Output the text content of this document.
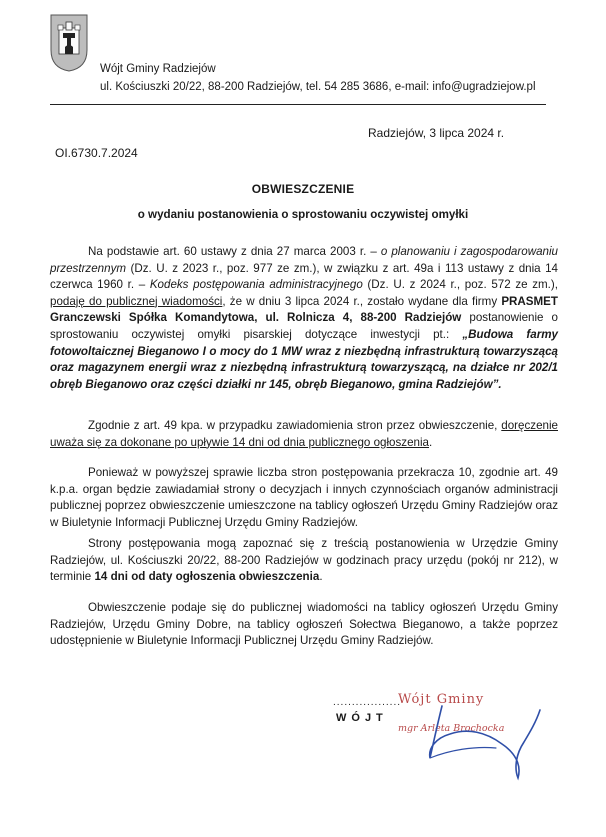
Wójt Gminy Radziejów
ul. Kościuszki 20/22, 88-200 Radziejów, tel. 54 285 3686, e-mail: info@ugradziejow.pl
Radziejów, 3 lipca 2024 r.
OI.6730.7.2024
OBWIESZCZENIE
o wydaniu postanowienia o sprostowaniu oczywistej omyłki

Na podstawie art. 60 ustawy z dnia 27 marca 2003 r. – o planowaniu i zagospodarowaniu przestrzennym (Dz. U. z 2023 r., poz. 977 ze zm.), w związku z art. 49a i 113 ustawy z dnia 14 czerwca 1960 r. – Kodeks postępowania administracyjnego (Dz. U. z 2024 r., poz. 572 ze zm.), podaję do publicznej wiadomości, że w dniu 3 lipca 2024 r., zostało wydane dla firmy PRASMET Granczewski Spółka Komandytowa, ul. Rolnicza 4, 88-200 Radziejów postanowienie o sprostowaniu oczywistej omyłki pisarskiej dotyczące inwestycji pt.: „Budowa farmy fotowoltaicznej Bieganowo I o mocy do 1 MW wraz z niezbędną infrastrukturą towarzyszącą oraz magazynem energii wraz z niezbędną infrastrukturą towarzyszącą, na działce nr 202/1 obręb Bieganowo oraz części działki nr 145, obręb Bieganowo, gmina Radziejów”.

Zgodnie z art. 49 kpa. w przypadku zawiadomienia stron przez obwieszczenie, doręczenie uważa się za dokonane po upływie 14 dni od dnia publicznego ogłoszenia.

Ponieważ w powyższej sprawie liczba stron postępowania przekracza 10, zgodnie art. 49 k.p.a. organ będzie zawiadamiał strony o decyzjach i innych czynnościach organów administracji publicznej poprzez obwieszczenie umieszczone na tablicy ogłoszeń Urzędu Gminy Radziejów oraz w Biuletynie Informacji Publicznej Urzędu Gminy Radziejów.

Strony postępowania mogą zapoznać się z treścią postanowienia w Urzędzie Gminy Radziejów, ul. Kościuszki 20/22, 88-200 Radziejów w godzinach pracy urzędu (pokój nr 212), w terminie 14 dni od daty ogłoszenia obwieszczenia.

Obwieszczenie podaje się do publicznej wiadomości na tablicy ogłoszeń Urzędu Gminy Radziejów, Urzędu Gminy Dobre, na tablicy ogłoszeń Sołectwa Bieganowo, a także poprzez udostępnienie w Biuletynie Informacji Publicznej Urzędu Gminy Radziejów.

..................
WÓJT
Wójt Gminy
mgr Arleta Brochocka
